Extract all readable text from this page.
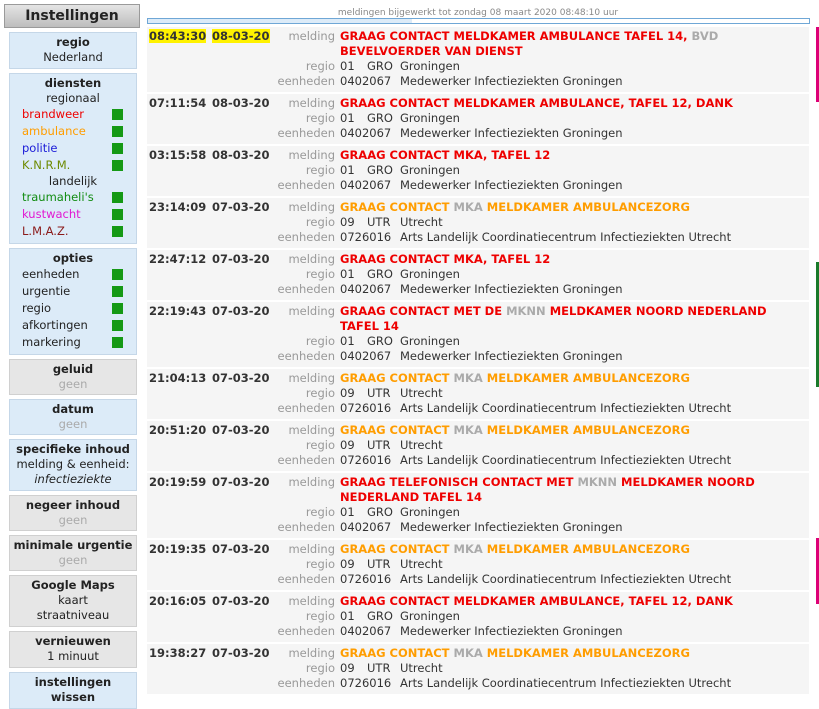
Instellingen
regio
Nederland
diensten
regionaal
brandweer
ambulance
politie
K.N.R.M.
landelijk
traumaheli's
kustwacht
L.M.A.Z.
opties
eenheden
urgentie
regio
afkortingen
markering
geluid
geen
datum
geen
specifieke inhoud
melding & eenheid:
infectieziekte
negeer inhoud
geen
minimale urgentie
geen
Google Maps
kaart
straatniveau
vernieuwen
1 minuut
instellingen
wissen
meldingen bijgewerkt tot zondag 08 maart 2020 08:48:10 uur
08:43:30 08-03-20	melding GRAAG CONTACT MELDKAMER AMBULANCE TAFEL 14, BVD BEVELVOERDER VAN DIENST
regio 01	GRO Groningen
eenheden 0402067 Medewerker Infectieziekten Groningen
07:11:54 08-03-20	melding GRAAG CONTACT MELDKAMER AMBULANCE, TAFEL 12, DANK
regio 01	GRO Groningen
eenheden 0402067 Medewerker Infectieziekten Groningen
03:15:58 08-03-20	melding GRAAG CONTACT MKA, TAFEL 12
regio 01	GRO Groningen
eenheden 0402067 Medewerker Infectieziekten Groningen
23:14:09 07-03-20	melding GRAAG CONTACT MKA MELDKAMER AMBULANCEZORG
regio 09	UTR Utrecht
eenheden 0726016 Arts Landelijk Coordinatiecentrum Infectieziekten Utrecht
22:47:12 07-03-20	melding GRAAG CONTACT MKA, TAFEL 12
regio 01	GRO Groningen
eenheden 0402067 Medewerker Infectieziekten Groningen
22:19:43 07-03-20	melding GRAAG CONTACT MET DE MKNN MELDKAMER NOORD NEDERLAND TAFEL 14
regio 01	GRO Groningen
eenheden 0402067 Medewerker Infectieziekten Groningen
21:04:13 07-03-20	melding GRAAG CONTACT MKA MELDKAMER AMBULANCEZORG
regio 09	UTR Utrecht
eenheden 0726016 Arts Landelijk Coordinatiecentrum Infectieziekten Utrecht
20:51:20 07-03-20	melding GRAAG CONTACT MKA MELDKAMER AMBULANCEZORG
regio 09	UTR Utrecht
eenheden 0726016 Arts Landelijk Coordinatiecentrum Infectieziekten Utrecht
20:19:59 07-03-20	melding GRAAG TELEFONISCH CONTACT MET MKNN MELDKAMER NOORD NEDERLAND TAFEL 14
regio 01	GRO Groningen
eenheden 0402067 Medewerker Infectieziekten Groningen
20:19:35 07-03-20	melding GRAAG CONTACT MKA MELDKAMER AMBULANCEZORG
regio 09	UTR Utrecht
eenheden 0726016 Arts Landelijk Coordinatiecentrum Infectieziekten Utrecht
20:16:05 07-03-20	melding GRAAG CONTACT MELDKAMER AMBULANCE, TAFEL 12, DANK
regio 01	GRO Groningen
eenheden 0402067 Medewerker Infectieziekten Groningen
19:38:27 07-03-20	melding GRAAG CONTACT MKA MELDKAMER AMBULANCEZORG
regio 09	UTR Utrecht
eenheden 0726016 Arts Landelijk Coordinatiecentrum Infectieziekten Utrecht
